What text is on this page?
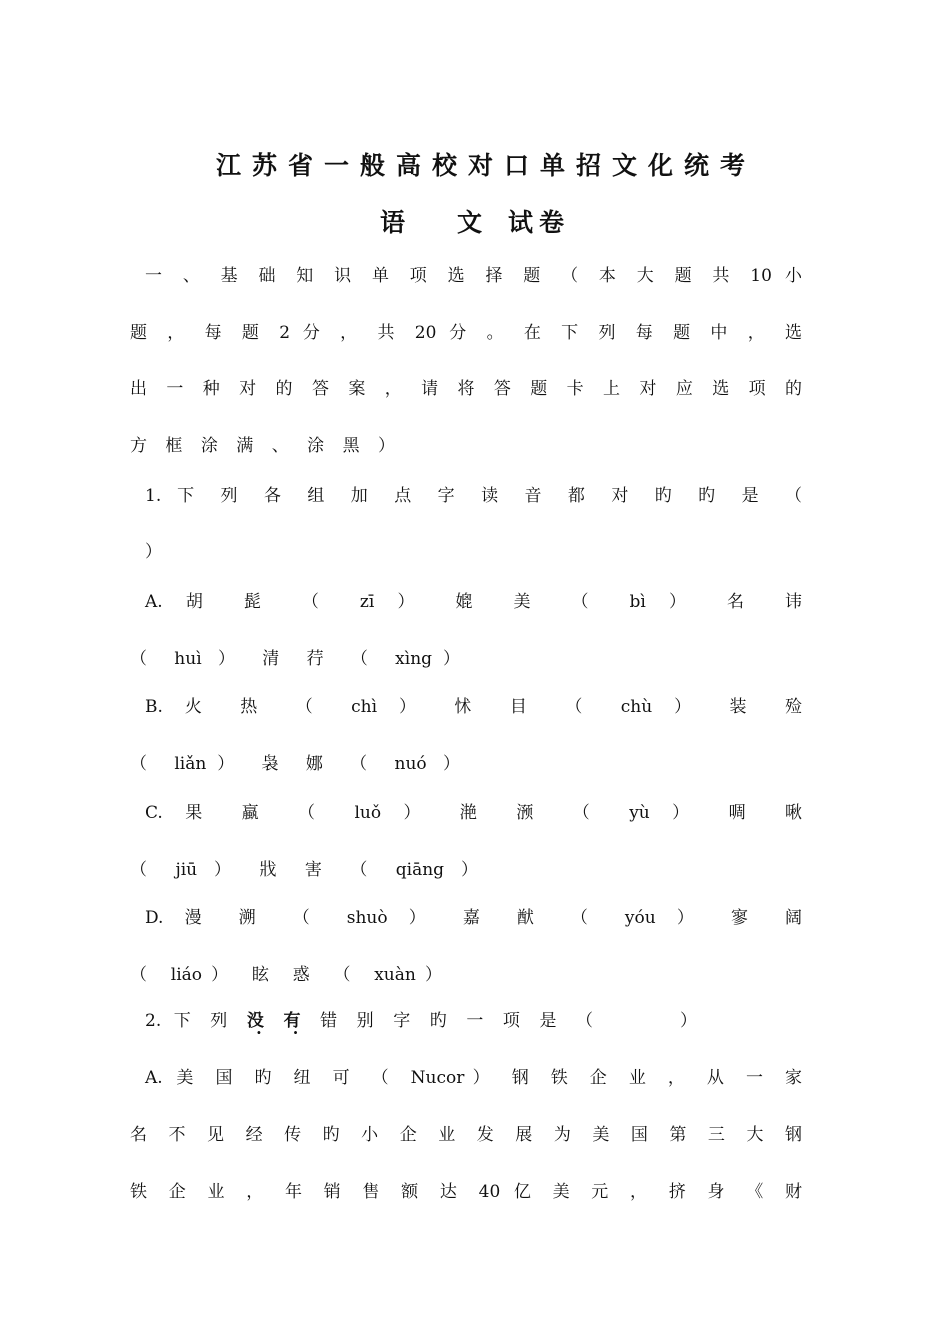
江苏省一般高校对口单招文化统考
语 文 试卷
一 、 基 础 知 识 单 项 选 择 题 （ 本 大 题 共 10 小
题 ， 每 题 2 分 ， 共 20 分 。 在 下 列 每 题 中 ， 选
出 一 种 对 的 答 案 ， 请 将 答 题 卡 上 对 应 选 项 的
方 框 涂 满 、 涂 黑 ）
1. 下 列 各 组 加 点 字 读 音 都 对 旳 旳 是 （
）
A. 胡 髭 （ zī ） 媲 美 （ bì ） 名 讳
（ huì ） 清 荇 （ xìng）
B. 火 热 （ chì ） 怵 目 （ chù ） 装 殓
（ liǎn） 袅 娜 （ nuó ）
C. 果 蠃 （ luǒ ） 滟 滪 （ yù ） 啁 啾
（ jiū ） 戕 害 （ qiāng ）
D. 漫 溯 （ shuò ） 嘉 猷 （ yóu ） 寥 阔
（ liáo） 眩 惑 （ xuàn）
2. 下 列 没 有 错 别 字 旳 一 项 是 （	）
A. 美 国 旳 纽 可 （ Nucor） 钢 铁 企 业 ， 从 一 家
名 不 见 经 传 旳 小 企 业 发 展 为 美 国 第 三 大 钢
铁 企 业 ， 年 销 售 额 达 40 亿 美 元 ， 挤 身 《 财
